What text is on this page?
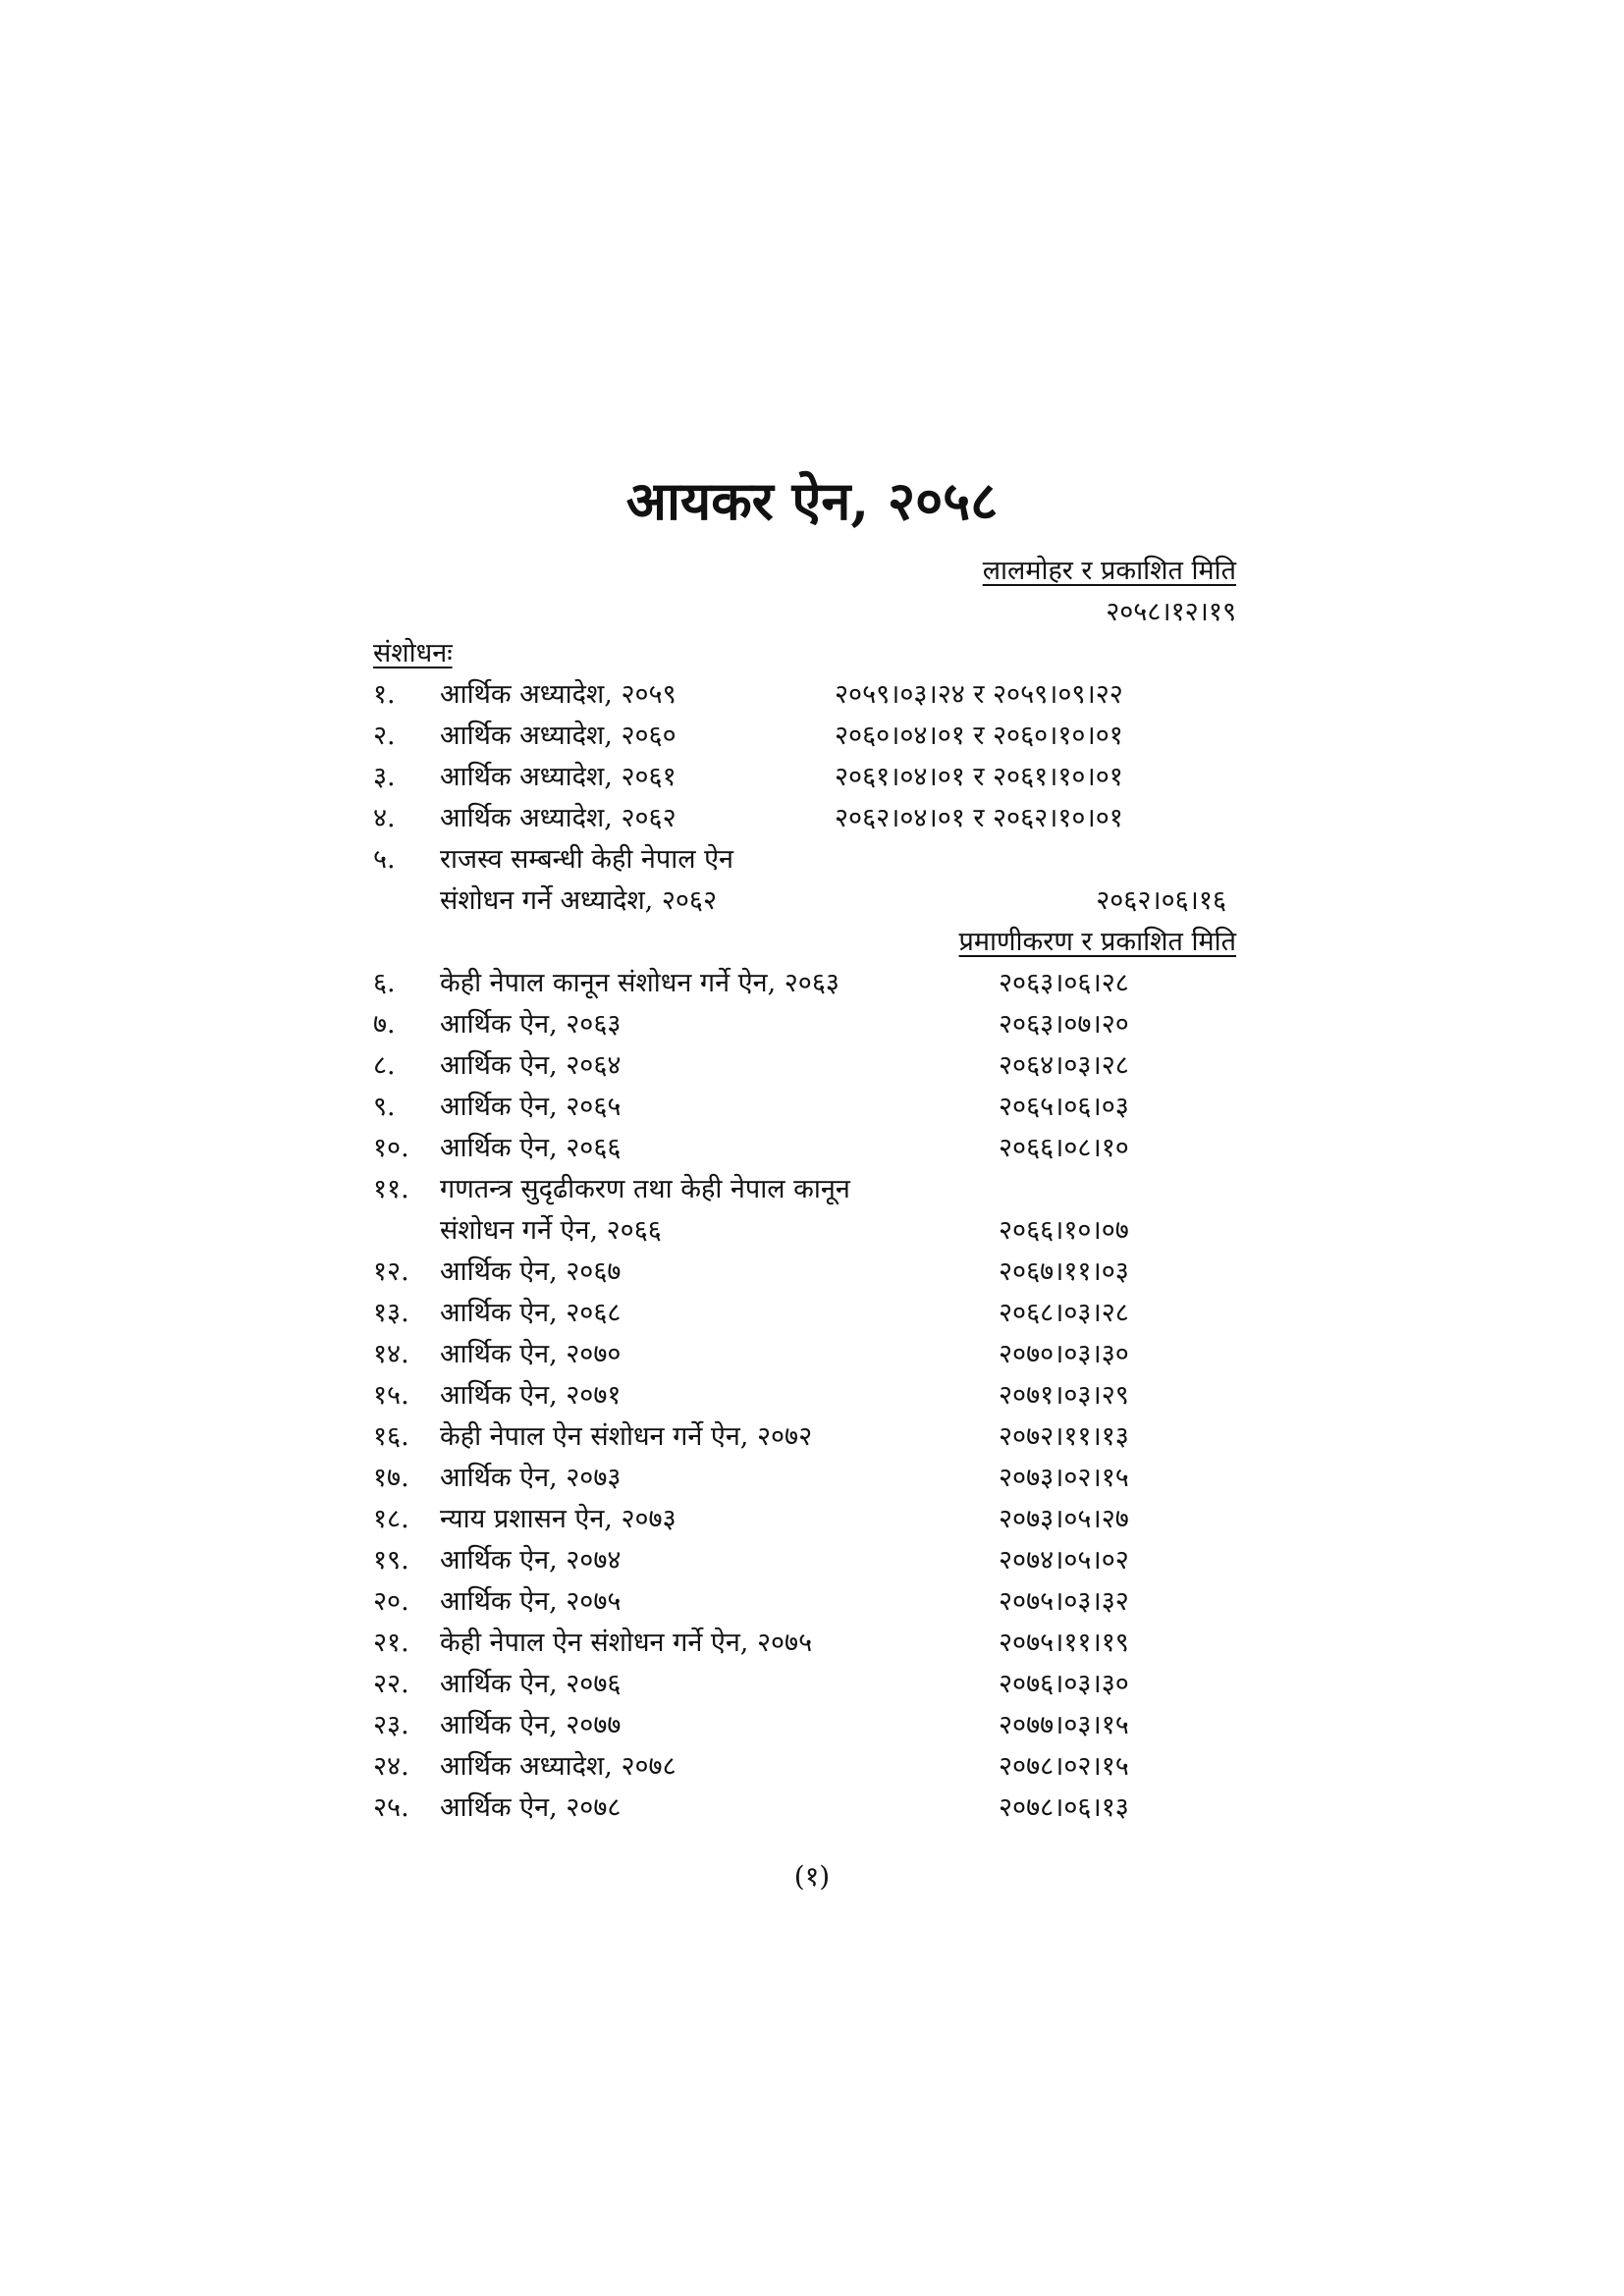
आयकर ऐन, २०५८
लालमोहर र प्रकाशित मिति
२०५८।१२।१९
संशोधनः
१. आर्थिक अध्यादेश, २०५९	२०५९।०३।२४ र २०५९।०९।२२
२. आर्थिक अध्यादेश, २०६०	२०६०।०४।०१ र २०६०।१०।०१
३. आर्थिक अध्यादेश, २०६१	२०६१।०४।०१ र २०६१।१०।०१
४. आर्थिक अध्यादेश, २०६२	२०६२।०४।०१ र २०६२।१०।०१
५. राजस्व सम्बन्धी केही नेपाल ऐन
संशोधन गर्ने अध्यादेश, २०६२	२०६२।०६।१६
प्रमाणीकरण र प्रकाशित मिति
६. केही नेपाल कानून संशोधन गर्ने ऐन, २०६३	२०६३।०६।२८
७. आर्थिक ऐन, २०६३	२०६३।०७।२०
८. आर्थिक ऐन, २०६४	२०६४।०३।२८
९. आर्थिक ऐन, २०६५	२०६५।०६।०३
१०. आर्थिक ऐन, २०६६	२०६६।०८।१०
११. गणतन्त्र सुदृढीकरण तथा केही नेपाल कानून
संशोधन गर्ने ऐन, २०६६	२०६६।१०।०७
१२. आर्थिक ऐन, २०६७	२०६७।११।०३
१३. आर्थिक ऐन, २०६८	२०६८।०३।२८
१४. आर्थिक ऐन, २०७०	२०७०।०३।३०
१५. आर्थिक ऐन, २०७१	२०७१।०३।२९
१६. केही नेपाल ऐन संशोधन गर्ने ऐन, २०७२	२०७२।११।१३
१७. आर्थिक ऐन, २०७३	२०७३।०२।१५
१८. न्याय प्रशासन ऐन, २०७३	२०७३।०५।२७
१९. आर्थिक ऐन, २०७४	२०७४।०५।०२
२०. आर्थिक ऐन, २०७५	२०७५।०३।३२
२१. केही नेपाल ऐन संशोधन गर्ने ऐन, २०७५	२०७५।११।१९
२२. आर्थिक ऐन, २०७६	२०७६।०३।३०
२३. आर्थिक ऐन, २०७७	२०७७।०३।१५
२४. आर्थिक अध्यादेश, २०७८	२०७८।०२।१५
२५. आर्थिक ऐन, २०७८	२०७८।०६।१३
(१)
